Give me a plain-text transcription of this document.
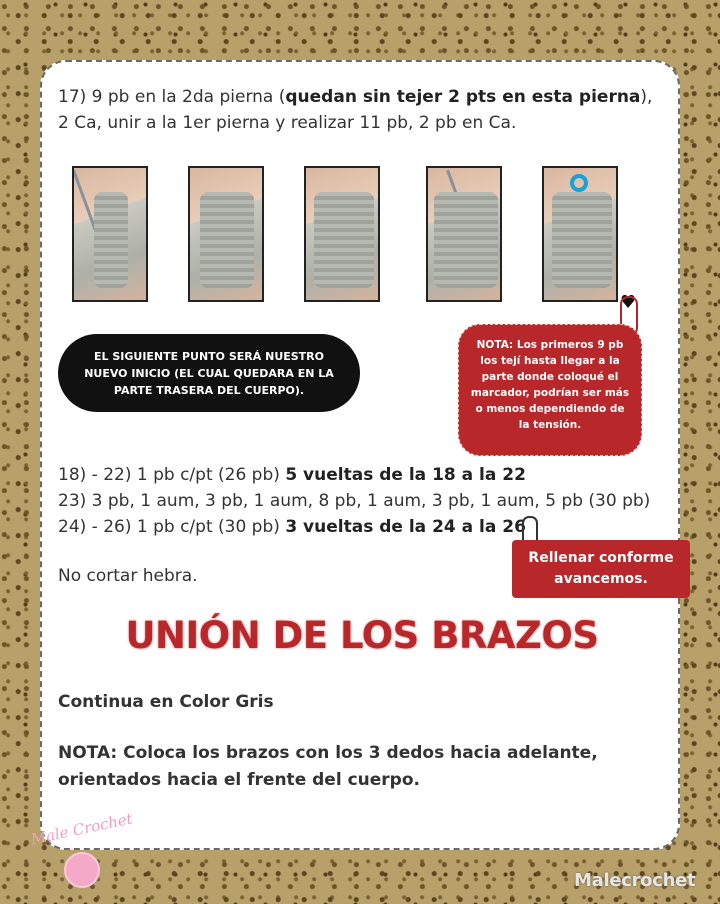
17) 9 pb en la 2da pierna (quedan sin tejer 2 pts en esta pierna), 2 Ca, unir a la 1er pierna y realizar 11 pb, 2 pb en Ca.
EL SIGUIENTE PUNTO SERÁ NUESTRO NUEVO INICIO (EL CUAL QUEDARA EN LA PARTE TRASERA DEL CUERPO).
♥
NOTA: Los primeros 9 pb los tejí hasta llegar a la parte donde coloqué el marcador, podrían ser más o menos dependiendo de la tensión.
18) - 22) 1 pb c/pt (26 pb) 5 vueltas de la 18 a la 22
23) 3 pb, 1 aum, 3 pb, 1 aum, 8 pb, 1 aum, 3 pb, 1 aum, 5 pb (30 pb)
24) - 26) 1 pb c/pt (30 pb) 3 vueltas de la 24 a la 26
Rellenar conforme avancemos.
No cortar hebra.
UNIÓN DE LOS BRAZOS
Continua en Color Gris
NOTA: Coloca los brazos con los 3 dedos hacia adelante, orientados hacia el frente del cuerpo.
Male Crochet
Malecrochet
